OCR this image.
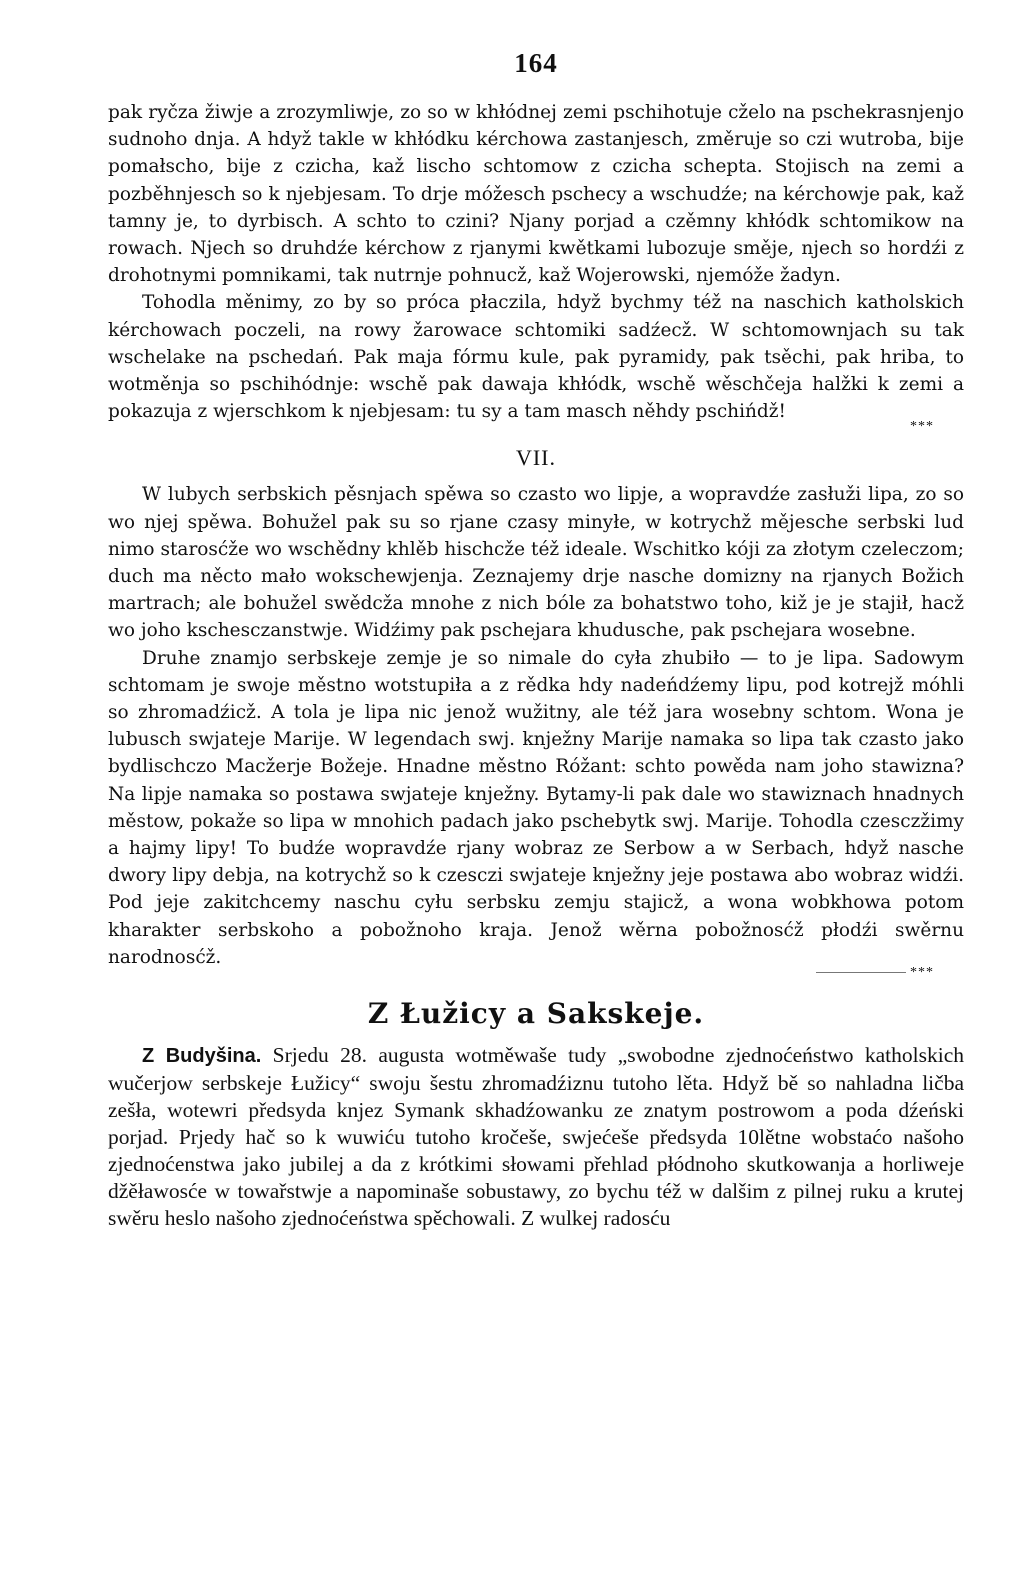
164

pak ryčza žiwje a zrozymliwje, zo so w khłódnej zemi pschihotuje cželo na pschekrasnjenjo sudnoho dnja. A hdyž takle w khłódku kérchowa zastanjesch, změruje so czi wutroba, bije pomałscho, bije z czicha, kaž lischo schtomow z czicha schepta. Stojisch na zemi a pozběhnjesch so k njebjesam. To drje móžesch pschecy a wschudźe; na kérchowje pak, kaž tamny je, to dyrbisch. A schto to czini? Njany porjad a czěmny khłódk schtomikow na rowach. Njech so druhdźe kérchow z rjanymi kwětkami lubozuje směje, njech so hordźi z drohotnymi pomnikami, tak nutrnje pohnucž, kaž Wojerowski, njemóže žadyn.

Tohodla měnimy, zo by so próca płaczila, hdyž bychmy též na naschich katholskich kérchowach poczeli, na rowy žarowace schtomiki sadźecž. W schtomownjach su tak wschelake na pschedań. Pak maja fórmu kule, pak pyramidy, pak tsěchi, pak hriba, to wotměnja so pschihódnje: wschě pak dawaja khłódk, wschě wěschčeja halžki k zemi a pokazuja z wjerschkom k njebjesam: tu sy a tam masch něhdy pschińdž!

***
VII.

W lubych serbskich pěsnjach spěwa so czasto wo lipje, a wopravdźe zasłuži lipa, zo so wo njej spěwa. Bohužel pak su so rjane czasy minyłe, w kotrychž mějesche serbski lud nimo starosćže wo wschědny khlěb hischcže též ideale. Wschitko kóji za złotym czeleczom; duch ma něcto mało wokschewjenja. Zeznajemy drje nasche domizny na rjanych Božich martrach; ale bohužel swědcža mnohe z nich bóle za bohatstwo toho, kiž je je stajił, hacž wo joho kschesczanstwje. Widźimy pak pschejara khudusche, pak pschejara wosebne.

Druhe znamjo serbskeje zemje je so nimale do cyła zhubiło — to je lipa. Sadowym schtomam je swoje městno wotstupiła a z rědka hdy nadeńdźemy lipu, pod kotrejž móhli so zhromadźicž. A tola je lipa nic jenož wužitny, ale též jara wosebny schtom. Wona je lubusch swjateje Marije. W legendach swj. knježny Marije namaka so lipa tak czasto jako bydlischczo Macžerje Božeje. Hnadne městno Róžant: schto powěda nam joho stawizna? Na lipje namaka so postawa swjateje knježny. Bytamy-li pak dale wo stawiznach hnadnych městow, pokaže so lipa w mnohich padach jako pschebytk swj. Marije. Tohodla czesczžimy a hajmy lipy! To budźe wopravdźe rjany wobraz ze Serbow a w Serbach, hdyž nasche dwory lipy debja, na kotrychž so k czesczi swjateje knježny jeje postawa abo wobraz widźi. Pod jeje zakitchcemy naschu cyłu serbsku zemju stajicž, a wona wobkhowa potom kharakter serbskoho a pobožnoho kraja. Jenož wěrna pobožnosćž płodźi swěrnu narodnosćž.

***
Z Łužicy a Sakskeje.

Z Budyšina. Srjedu 28. augusta wotměwaše tudy „swobodne zjednoćeństwo katholskich wučerjow serbskeje Łužicy“ swoju šestu zhromadźiznu tutoho lěta. Hdyž bě so nahladna ličba zešła, wotewri předsyda knjez Symank skhadźowanku ze znatym postrowom a poda dźeński porjad. Prjedy hač so k wuwiću tutoho kročeše, swjećeše předsyda 10lětne wobstaćo našoho zjednoćenstwa jako jubilej a da z krótkimi słowami přehlad płódnoho skutkowanja a horliweje džěławosće w towařstwje a napominaše sobustawy, zo bychu též w dalšim z pilnej ruku a krutej swěru heslo našoho zjednoćeństwa spěchowali. Z wulkej radosću
